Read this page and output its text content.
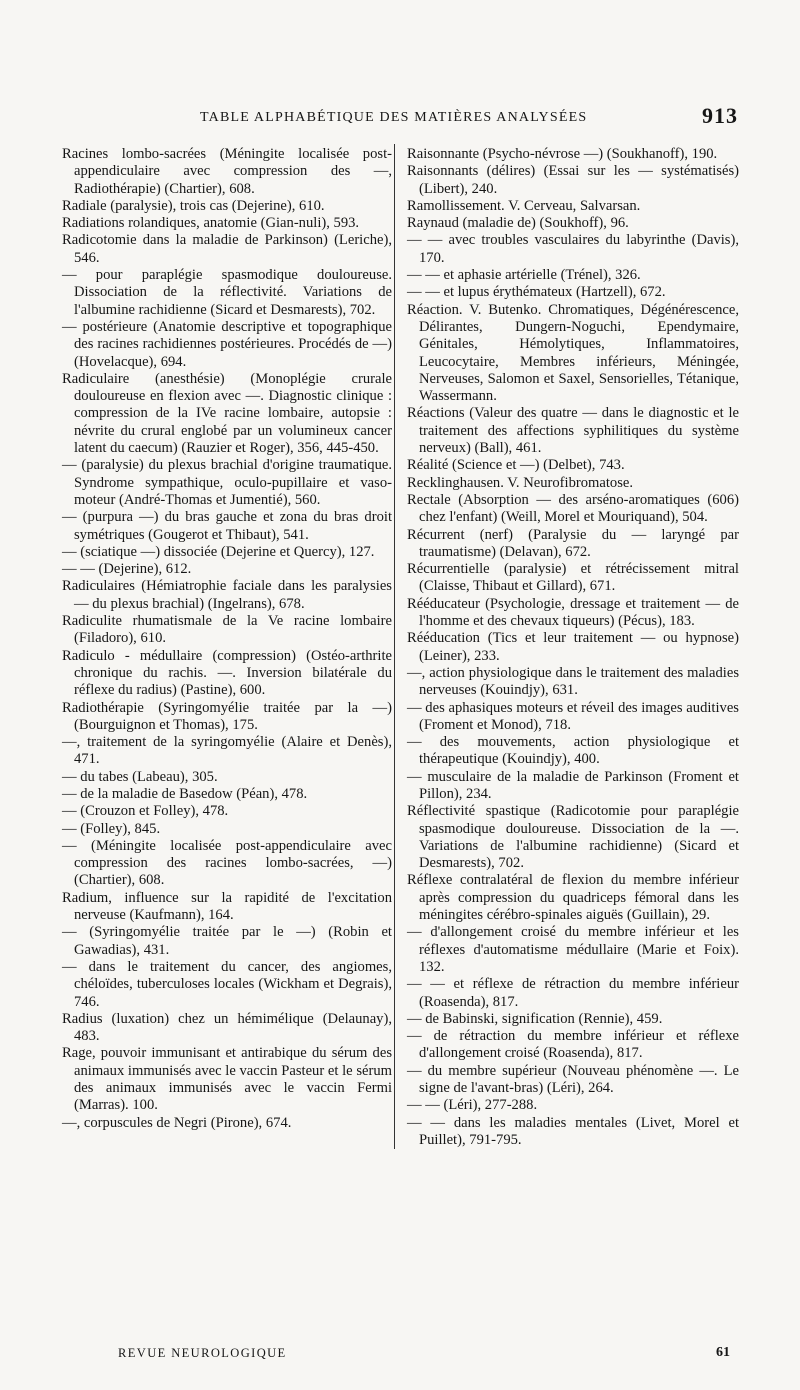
TABLE ALPHABÉTIQUE DES MATIÈRES ANALYSÉES	913

Racines lombo-sacrées (Méningite localisée post-appendiculaire avec compression des —, Radiothérapie) (Chartier), 608.

Radiale (paralysie), trois cas (Dejerine), 610.

Radiations rolandiques, anatomie (Gian-nuli), 593.

Radicotomie dans la maladie de Parkinson) (Leriche), 546.

— pour paraplégie spasmodique douloureuse. Dissociation de la réflectivité. Variations de l'albumine rachidienne (Sicard et Desmarests), 702.

— postérieure (Anatomie descriptive et topographique des racines rachidiennes postérieures. Procédés de —) (Hovelacque), 694.

Radiculaire (anesthésie) (Monoplégie crurale douloureuse en flexion avec —. Diagnostic clinique : compression de la IVe racine lombaire, autopsie : névrite du crural englobé par un volumineux cancer latent du caecum) (Rauzier et Roger), 356, 445-450.

— (paralysie) du plexus brachial d'origine traumatique. Syndrome sympathique, oculo-pupillaire et vaso-moteur (André-Thomas et Jumentié), 560.

— (purpura —) du bras gauche et zona du bras droit symétriques (Gougerot et Thibaut), 541.

— (sciatique —) dissociée (Dejerine et Quercy), 127.

— — (Dejerine), 612.

Radiculaires (Hémiatrophie faciale dans les paralysies — du plexus brachial) (Ingelrans), 678.

Radiculite rhumatismale de la Ve racine lombaire (Filadoro), 610.

Radiculo - médullaire (compression) (Ostéo-arthrite chronique du rachis. —. Inversion bilatérale du réflexe du radius) (Pastine), 600.

Radiothérapie (Syringomyélie traitée par la —) (Bourguignon et Thomas), 175.

—, traitement de la syringomyélie (Alaire et Denès), 471.

— du tabes (Labeau), 305.

— de la maladie de Basedow (Péan), 478.

— (Crouzon et Folley), 478.

— (Folley), 845.

— (Méningite localisée post-appendiculaire avec compression des racines lombo-sacrées, —) (Chartier), 608.

Radium, influence sur la rapidité de l'excitation nerveuse (Kaufmann), 164.

— (Syringomyélie traitée par le —) (Robin et Gawadias), 431.

— dans le traitement du cancer, des angiomes, chéloïdes, tuberculoses locales (Wickham et Degrais), 746.

Radius (luxation) chez un hémimélique (Delaunay), 483.

Rage, pouvoir immunisant et antirabique du sérum des animaux immunisés avec le vaccin Pasteur et le sérum des animaux immunisés avec le vaccin Fermi (Marras). 100.

—, corpuscules de Negri (Pirone), 674.

Raisonnante (Psycho-névrose —) (Soukhanoff), 190.

Raisonnants (délires) (Essai sur les — systématisés) (Libert), 240.

Ramollissement. V. Cerveau, Salvarsan.

Raynaud (maladie de) (Soukhoff), 96.

— — avec troubles vasculaires du labyrinthe (Davis), 170.

— — et aphasie artérielle (Trénel), 326.

— — et lupus érythémateux (Hartzell), 672.

Réaction. V. Butenko. Chromatiques, Dégénérescence, Délirantes, Dungern-Noguchi, Ependymaire, Génitales, Hémolytiques, Inflammatoires, Leucocytaire, Membres inférieurs, Méningée, Nerveuses, Salomon et Saxel, Sensorielles, Tétanique, Wassermann.

Réactions (Valeur des quatre — dans le diagnostic et le traitement des affections syphilitiques du système nerveux) (Ball), 461.

Réalité (Science et —) (Delbet), 743.

Recklinghausen. V. Neurofibromatose.

Rectale (Absorption — des arséno-aromatiques (606) chez l'enfant) (Weill, Morel et Mouriquand), 504.

Récurrent (nerf) (Paralysie du — laryngé par traumatisme) (Delavan), 672.

Récurrentielle (paralysie) et rétrécissement mitral (Claisse, Thibaut et Gillard), 671.

Rééducateur (Psychologie, dressage et traitement — de l'homme et des chevaux tiqueurs) (Pécus), 183.

Rééducation (Tics et leur traitement — ou hypnose) (Leiner), 233.

—, action physiologique dans le traitement des maladies nerveuses (Kouindjy), 631.

— des aphasiques moteurs et réveil des images auditives (Froment et Monod), 718.

— des mouvements, action physiologique et thérapeutique (Kouindjy), 400.

— musculaire de la maladie de Parkinson (Froment et Pillon), 234.

Réflectivité spastique (Radicotomie pour paraplégie spasmodique douloureuse. Dissociation de la —. Variations de l'albumine rachidienne) (Sicard et Desmarests), 702.

Réflexe contralatéral de flexion du membre inférieur après compression du quadriceps fémoral dans les méningites cérébro-spinales aiguës (Guillain), 29.

— d'allongement croisé du membre inférieur et les réflexes d'automatisme médullaire (Marie et Foix). 132.

— — et réflexe de rétraction du membre inférieur (Roasenda), 817.

— de Babinski, signification (Rennie), 459.

— de rétraction du membre inférieur et réflexe d'allongement croisé (Roasenda), 817.

— du membre supérieur (Nouveau phénomène —. Le signe de l'avant-bras) (Léri), 264.

— — (Léri), 277-288.

— — dans les maladies mentales (Livet, Morel et Puillet), 791-795.

REVUE NEUROLOGIQUE	61
